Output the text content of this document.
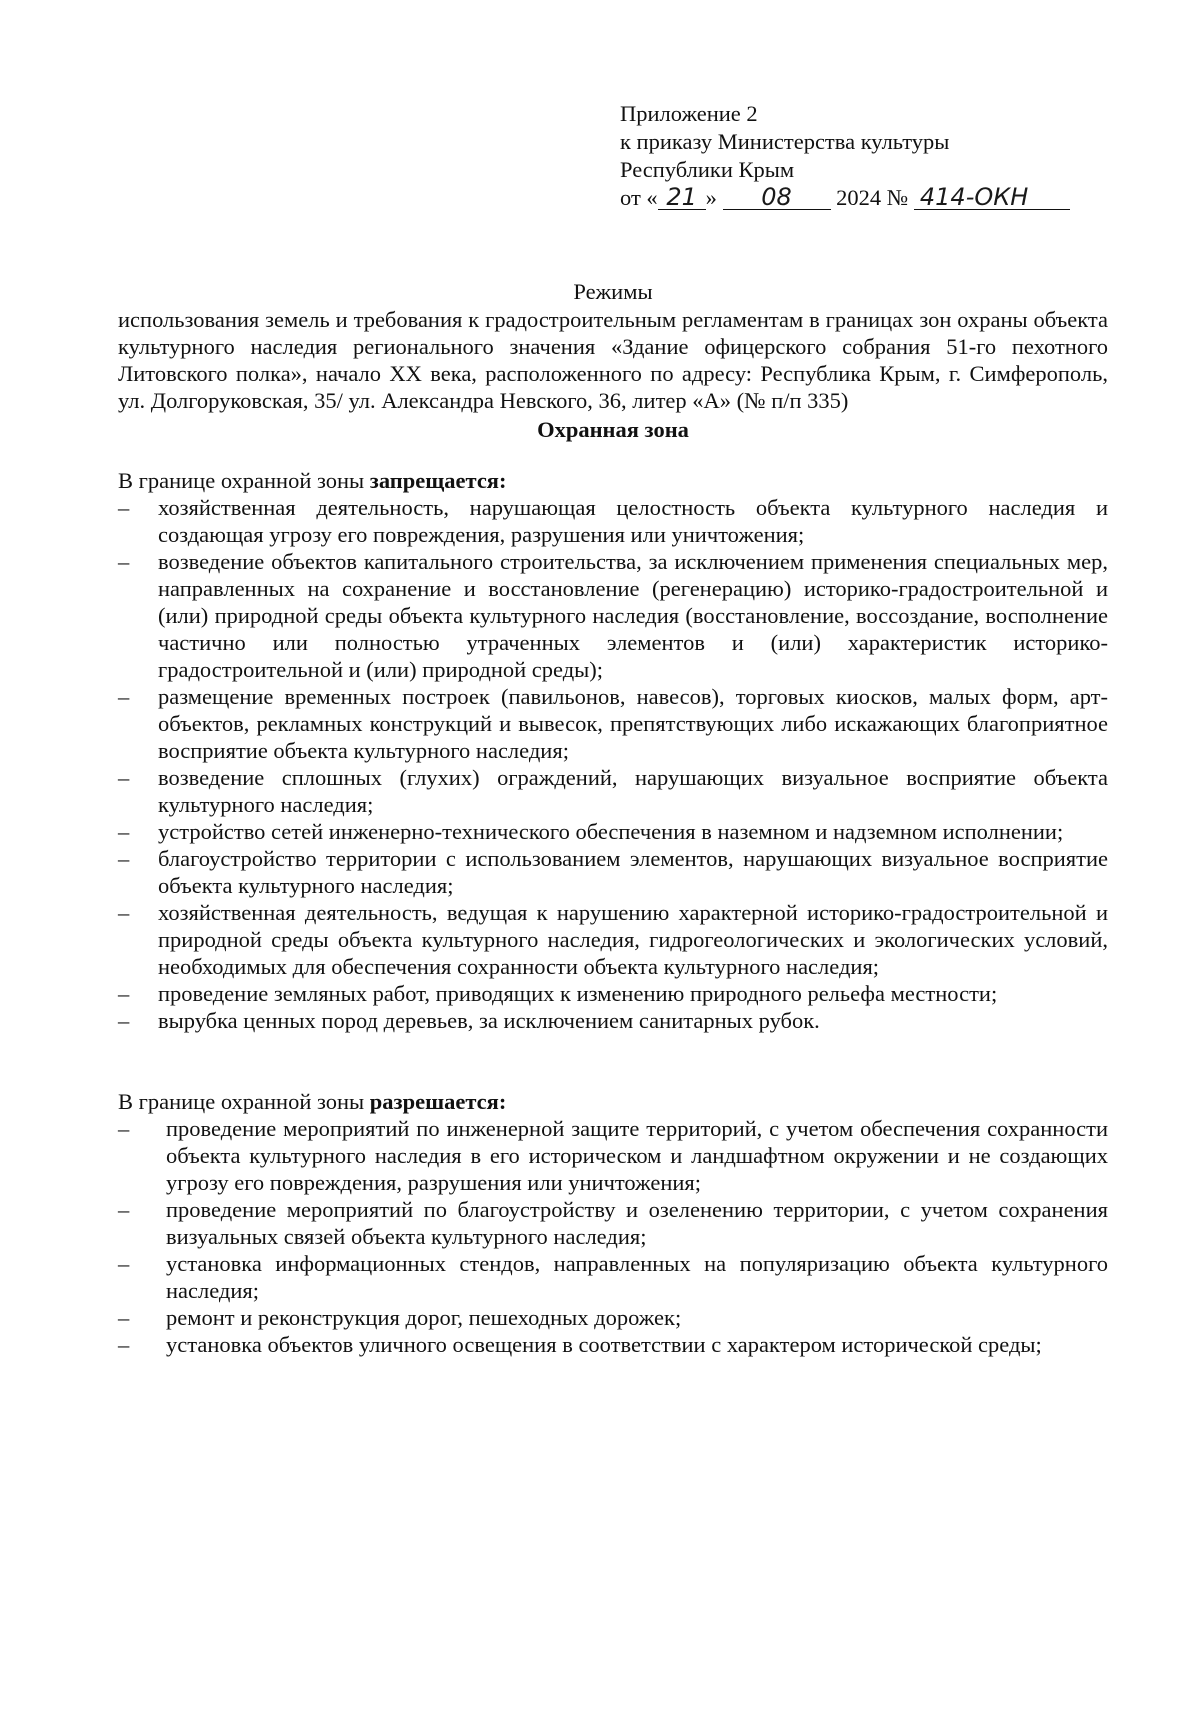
Приложение 2
к приказу Министерства культуры
Республики Крым
от « 21 » 08 2024 № 414-ОКН

Режимы

использования земель и требования к градостроительным регламентам в границах зон охраны объекта культурного наследия регионального значения «Здание офицерского собрания 51-го пехотного Литовского полка», начало XX века, расположенного по адресу: Республика Крым, г. Симферополь, ул. Долгоруковская, 35/ ул. Александра Невского, 36, литер «А» (№ п/п 335)

Охранная зона

В границе охранной зоны запрещается:

–	хозяйственная деятельность, нарушающая целостность объекта культурного наследия и создающая угрозу его повреждения, разрушения или уничтожения;
–	возведение объектов капитального строительства, за исключением применения специальных мер, направленных на сохранение и восстановление (регенерацию) историко-градостроительной и (или) природной среды объекта культурного наследия (восстановление, воссоздание, восполнение частично или полностью утраченных элементов и (или) характеристик историко-градостроительной и (или) природной среды);
–	размещение временных построек (павильонов, навесов), торговых киосков, малых форм, арт-объектов, рекламных конструкций и вывесок, препятствующих либо искажающих благоприятное восприятие объекта культурного наследия;
–	возведение сплошных (глухих) ограждений, нарушающих визуальное восприятие объекта культурного наследия;
–	устройство сетей инженерно-технического обеспечения в наземном и надземном исполнении;
–	благоустройство территории с использованием элементов, нарушающих визуальное восприятие объекта культурного наследия;
–	хозяйственная деятельность, ведущая к нарушению характерной историко-градостроительной и природной среды объекта культурного наследия, гидрогеологических и экологических условий, необходимых для обеспечения сохранности объекта культурного наследия;
–	проведение земляных работ, приводящих к изменению природного рельефа местности;
–	вырубка ценных пород деревьев, за исключением санитарных рубок.

В границе охранной зоны разрешается:

–	проведение мероприятий по инженерной защите территорий, с учетом обеспечения сохранности объекта культурного наследия в его историческом и ландшафтном окружении и не создающих угрозу его повреждения, разрушения или уничтожения;
–	проведение мероприятий по благоустройству и озеленению территории, с учетом сохранения визуальных связей объекта культурного наследия;
–	установка информационных стендов, направленных на популяризацию объекта культурного наследия;
–	ремонт и реконструкция дорог, пешеходных дорожек;
–	установка объектов уличного освещения в соответствии с характером исторической среды;
